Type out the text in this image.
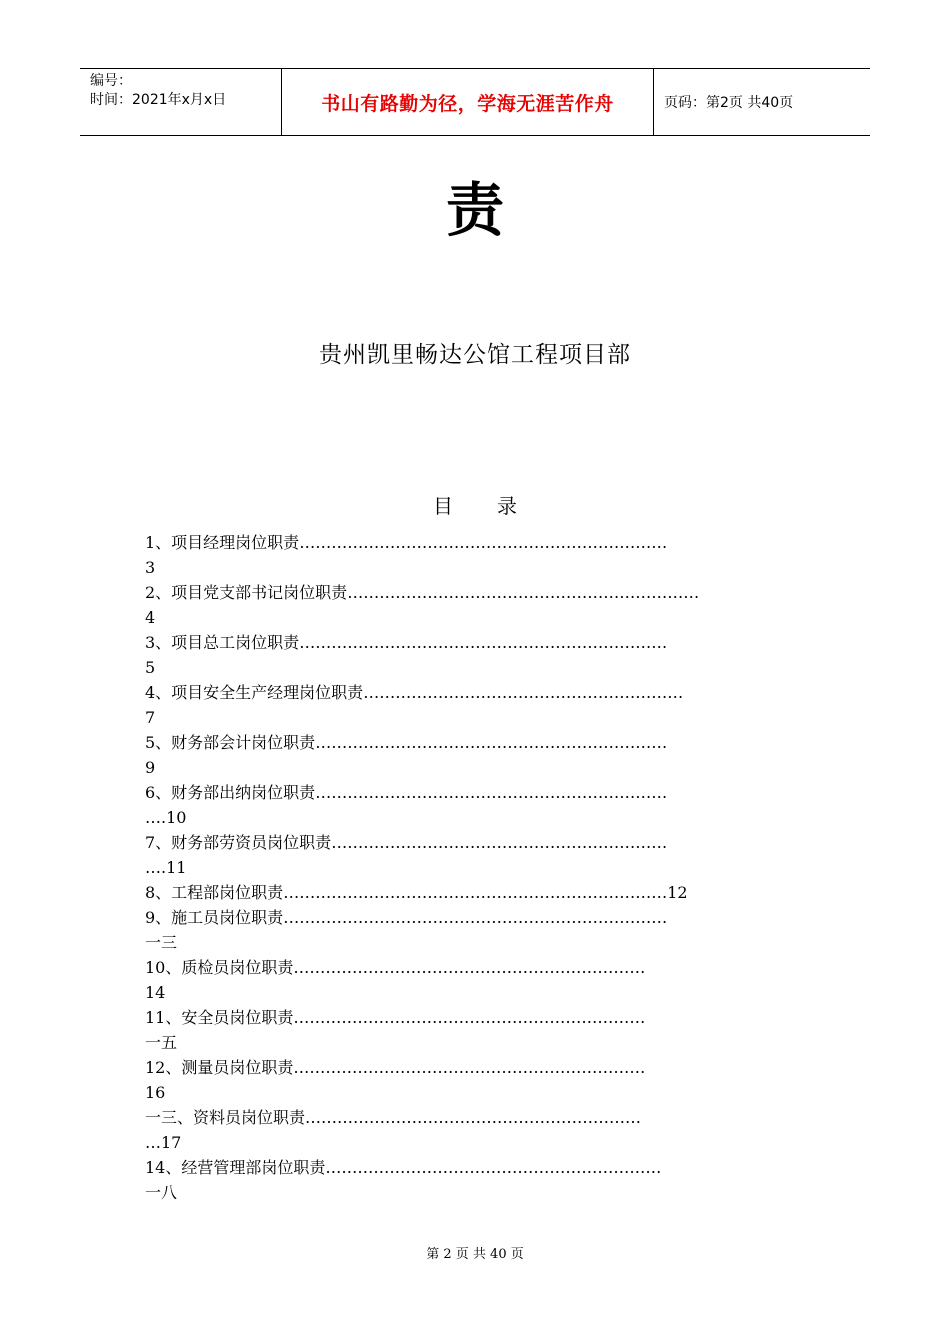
编号：
时间：2021年x月x日	书山有路勤为径，学海无涯苦作舟	页码：第2页 共40页
责
贵州凯里畅达公馆工程项目部
目 录
1、项目经理岗位职责……………………………………………………………
3
2、项目党支部书记岗位职责…………………………………………………………
4
3、项目总工岗位职责……………………………………………………………
5
4、项目安全生产经理岗位职责……………………………………………………
7
5、财务部会计岗位职责…………………………………………………………
9
6、财务部出纳岗位职责…………………………………………………………
….10
7、财务部劳资员岗位职责………………………………………………………
….11
8、工程部岗位职责………………………………………………………………12
9、施工员岗位职责………………………………………………………………
一三
10、质检员岗位职责…………………………………………………………
14
11、安全员岗位职责…………………………………………………………
一五
12、测量员岗位职责…………………………………………………………
16
一三、资料员岗位职责………………………………………………………
…17
14、经营管理部岗位职责………………………………………………………
一八
第 2 页 共 40 页
